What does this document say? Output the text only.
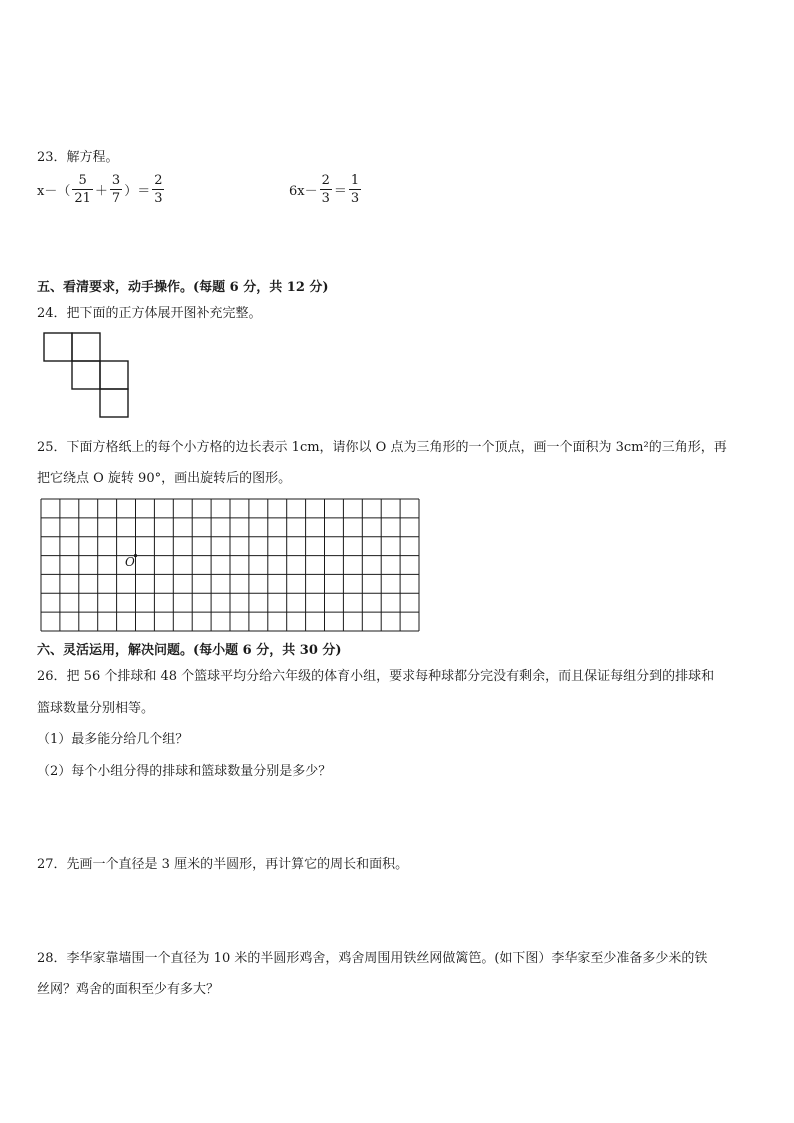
23．解方程。
$x-( \frac{5}{21} + \frac{3}{7}$ ）＝ $\frac{2}{3}$	$6x- \frac{2}{3} = \frac{1}{3}$
五、看清要求，动手操作。(每题 6 分，共 12 分)
24．把下面的正方体展开图补充完整。
25．下面方格纸上的每个小方格的边长表示 1cm，请你以 O 点为三角形的一个顶点，画一个面积为 3cm²的三角形，再
把它绕点 O 旋转 90°，画出旋转后的图形。
O
六、灵活运用，解决问题。(每小题 6 分，共 30 分)
26．把 56 个排球和 48 个篮球平均分给六年级的体育小组，要求每种球都分完没有剩余，而且保证每组分到的排球和
篮球数量分别相等。
（1）最多能分给几个组？
（2）每个小组分得的排球和篮球数量分别是多少？
27．先画一个直径是 3 厘米的半圆形，再计算它的周长和面积。
28．李华家靠墙围一个直径为 10 米的半圆形鸡舍，鸡舍周围用铁丝网做篱笆。(如下图）李华家至少准备多少米的铁
丝网？鸡舍的面积至少有多大？
